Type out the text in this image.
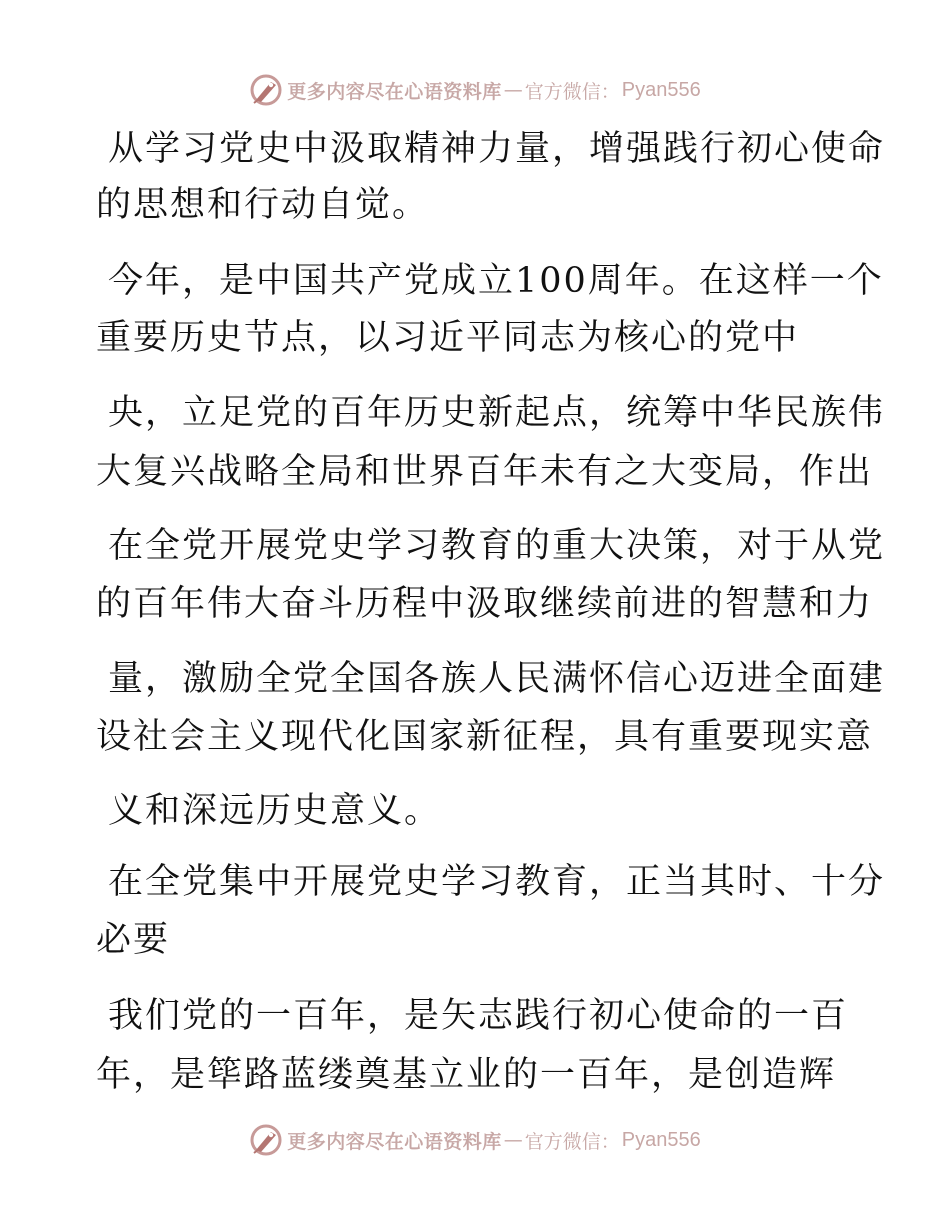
更多内容尽在心语资料库 — 官方微信： Pyan556
从学习党史中汲取精神力量，增强践行初心使命
的思想和行动自觉。
今年，是中国共产党成立100周年。在这样一个
重要历史节点，以习近平同志为核心的党中
央，立足党的百年历史新起点，统筹中华民族伟
大复兴战略全局和世界百年未有之大变局，作出
在全党开展党史学习教育的重大决策，对于从党
的百年伟大奋斗历程中汲取继续前进的智慧和力
量，激励全党全国各族人民满怀信心迈进全面建
设社会主义现代化国家新征程，具有重要现实意
义和深远历史意义。
在全党集中开展党史学习教育，正当其时、十分
必要
我们党的一百年，是矢志践行初心使命的一百
年，是筚路蓝缕奠基立业的一百年，是创造辉
更多内容尽在心语资料库 — 官方微信： Pyan556
